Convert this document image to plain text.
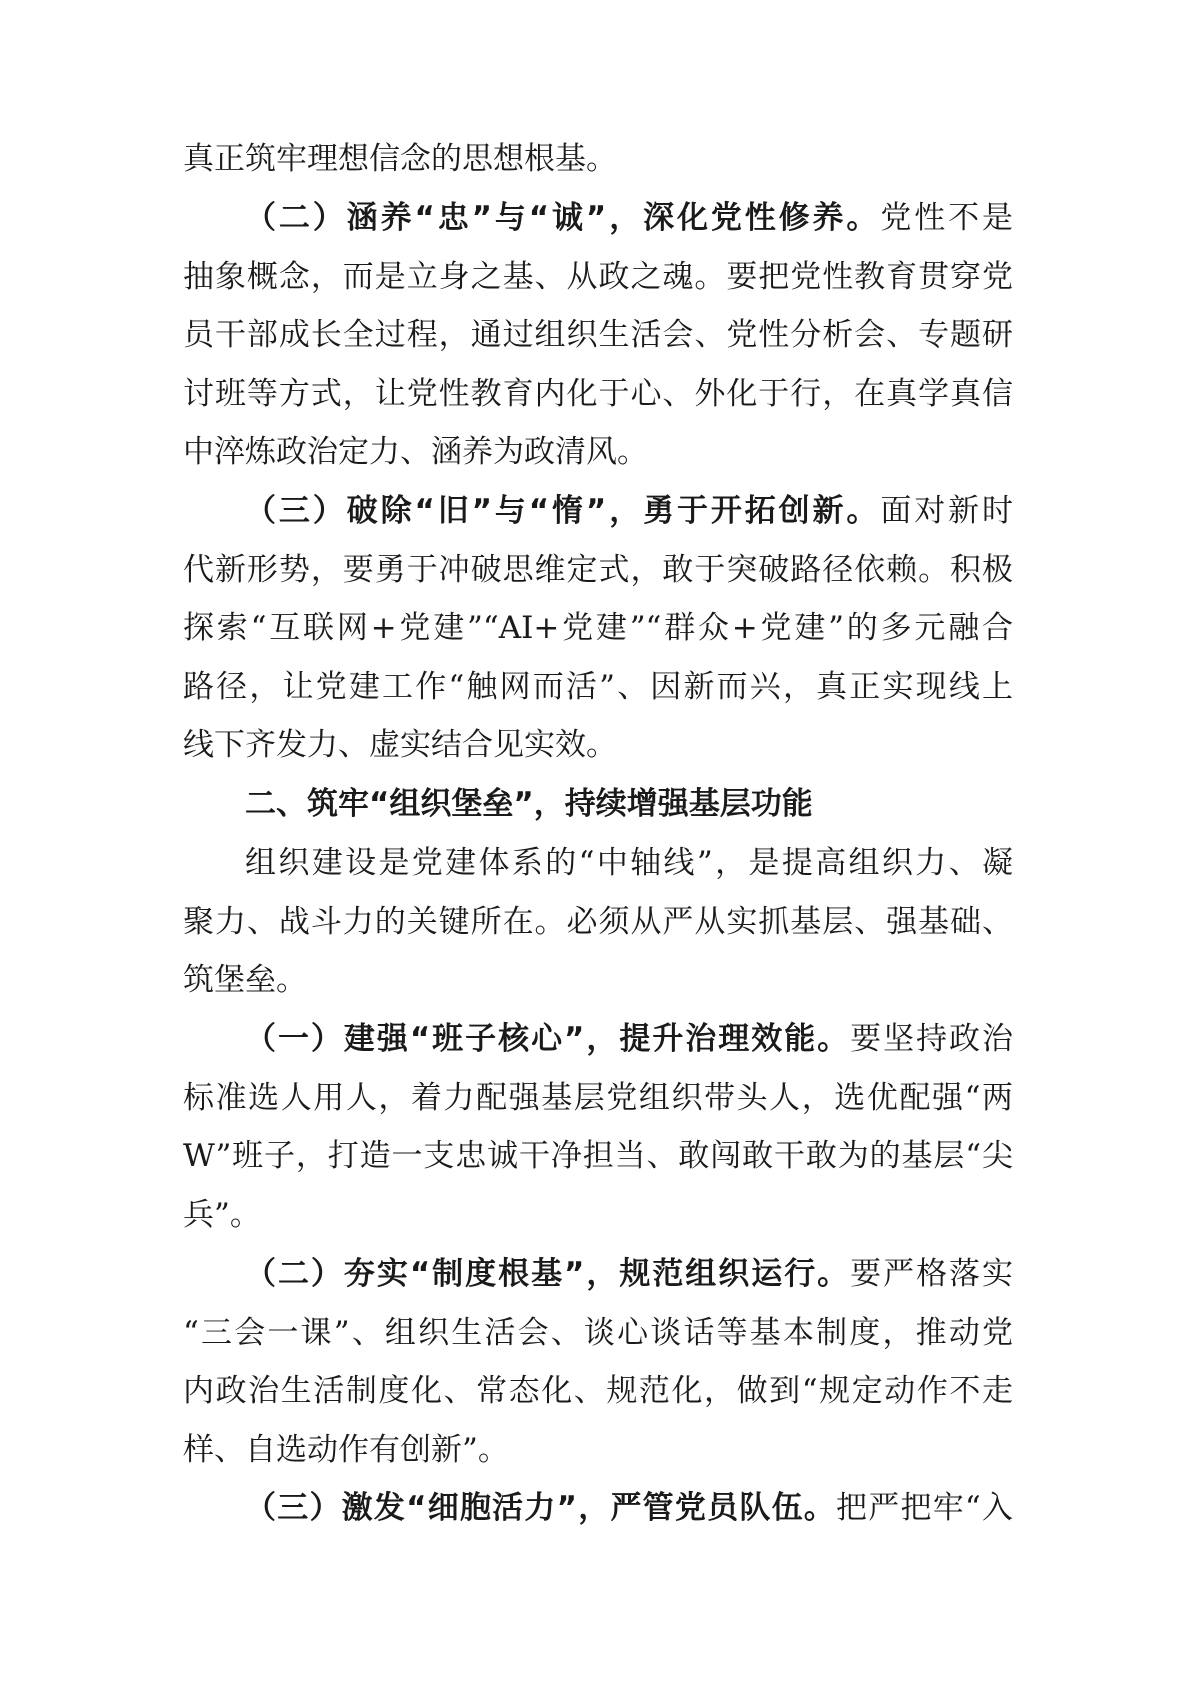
真正筑牢理想信念的思想根基。
（二）涵养“忠”与“诚”，深化党性修养。党性不是
抽象概念，而是立身之基、从政之魂。要把党性教育贯穿党
员干部成长全过程，通过组织生活会、党性分析会、专题研
讨班等方式，让党性教育内化于心、外化于行，在真学真信
中淬炼政治定力、涵养为政清风。
（三）破除“旧”与“惰”，勇于开拓创新。面对新时
代新形势，要勇于冲破思维定式，敢于突破路径依赖。积极
探索“互联网+党建”“AI+党建”“群众+党建”的多元融合
路径，让党建工作“触网而活”、因新而兴，真正实现线上
线下齐发力、虚实结合见实效。
二、筑牢“组织堡垒”，持续增强基层功能
组织建设是党建体系的“中轴线”，是提高组织力、凝
聚力、战斗力的关键所在。必须从严从实抓基层、强基础、
筑堡垒。
（一）建强“班子核心”，提升治理效能。要坚持政治
标准选人用人，着力配强基层党组织带头人，选优配强“两
W”班子，打造一支忠诚干净担当、敢闯敢干敢为的基层“尖
兵”。
（二）夯实“制度根基”，规范组织运行。要严格落实
“三会一课”、组织生活会、谈心谈话等基本制度，推动党
内政治生活制度化、常态化、规范化，做到“规定动作不走
样、自选动作有创新”。
（三）激发“细胞活力”，严管党员队伍。把严把牢“入
